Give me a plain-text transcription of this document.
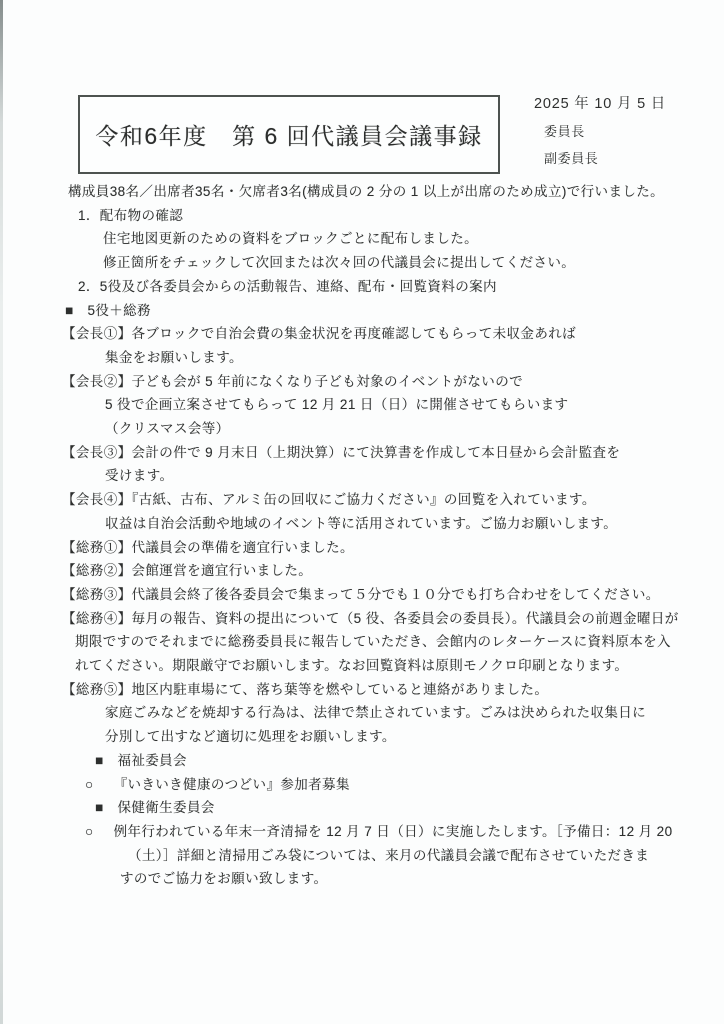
令和6年度　第 6 回代議員会議事録
2025 年 10 月 5 日
委員長
副委員長

構成員38名／出席者35名・欠席者3名(構成員の 2 分の 1 以上が出席のため成立)で行いました。

1．配布物の確認

住宅地図更新のための資料をブロックごとに配布しました。

修正箇所をチェックして次回または次々回の代議員会に提出してください。

2．5役及び各委員会からの活動報告、連絡、配布・回覧資料の案内

■　5役＋総務

【会長①】各ブロックで自治会費の集金状況を再度確認してもらって未収金あれば

集金をお願いします。

【会長②】子ども会が 5 年前になくなり子ども対象のイベントがないので

5 役で企画立案させてもらって 12 月 21 日（日）に開催させてもらいます

（クリスマス会等）

【会長③】会計の件で 9 月末日（上期決算）にて決算書を作成して本日昼から会計監査を

受けます。

【会長④】『古紙、古布、アルミ缶の回収にご協力ください』の回覧を入れています。

収益は自治会活動や地域のイベント等に活用されています。ご協力お願いします。

【総務①】代議員会の準備を適宜行いました。

【総務②】会館運営を適宜行いました。

【総務③】代議員会終了後各委員会で集まって５分でも１０分でも打ち合わせをしてください。

【総務④】毎月の報告、資料の提出について（5 役、各委員会の委員長）。代議員会の前週金曜日が

期限ですのでそれまでに総務委員長に報告していただき、会館内のレターケースに資料原本を入

れてください。期限厳守でお願いします。なお回覧資料は原則モノクロ印刷となります。

【総務⑤】地区内駐車場にて、落ち葉等を燃やしていると連絡がありました。

家庭ごみなどを焼却する行為は、法律で禁止されています。ごみは決められた収集日に

分別して出すなど適切に処理をお願いします。

■　福祉委員会

○ 『いきいき健康のつどい』参加者募集

■　保健衛生委員会

○ 例年行われている年末一斉清掃を 12 月 7 日（日）に実施したします。［予備日：12 月 20

（土）］詳細と清掃用ごみ袋については、来月の代議員会議で配布させていただきま

すのでご協力をお願い致します。
